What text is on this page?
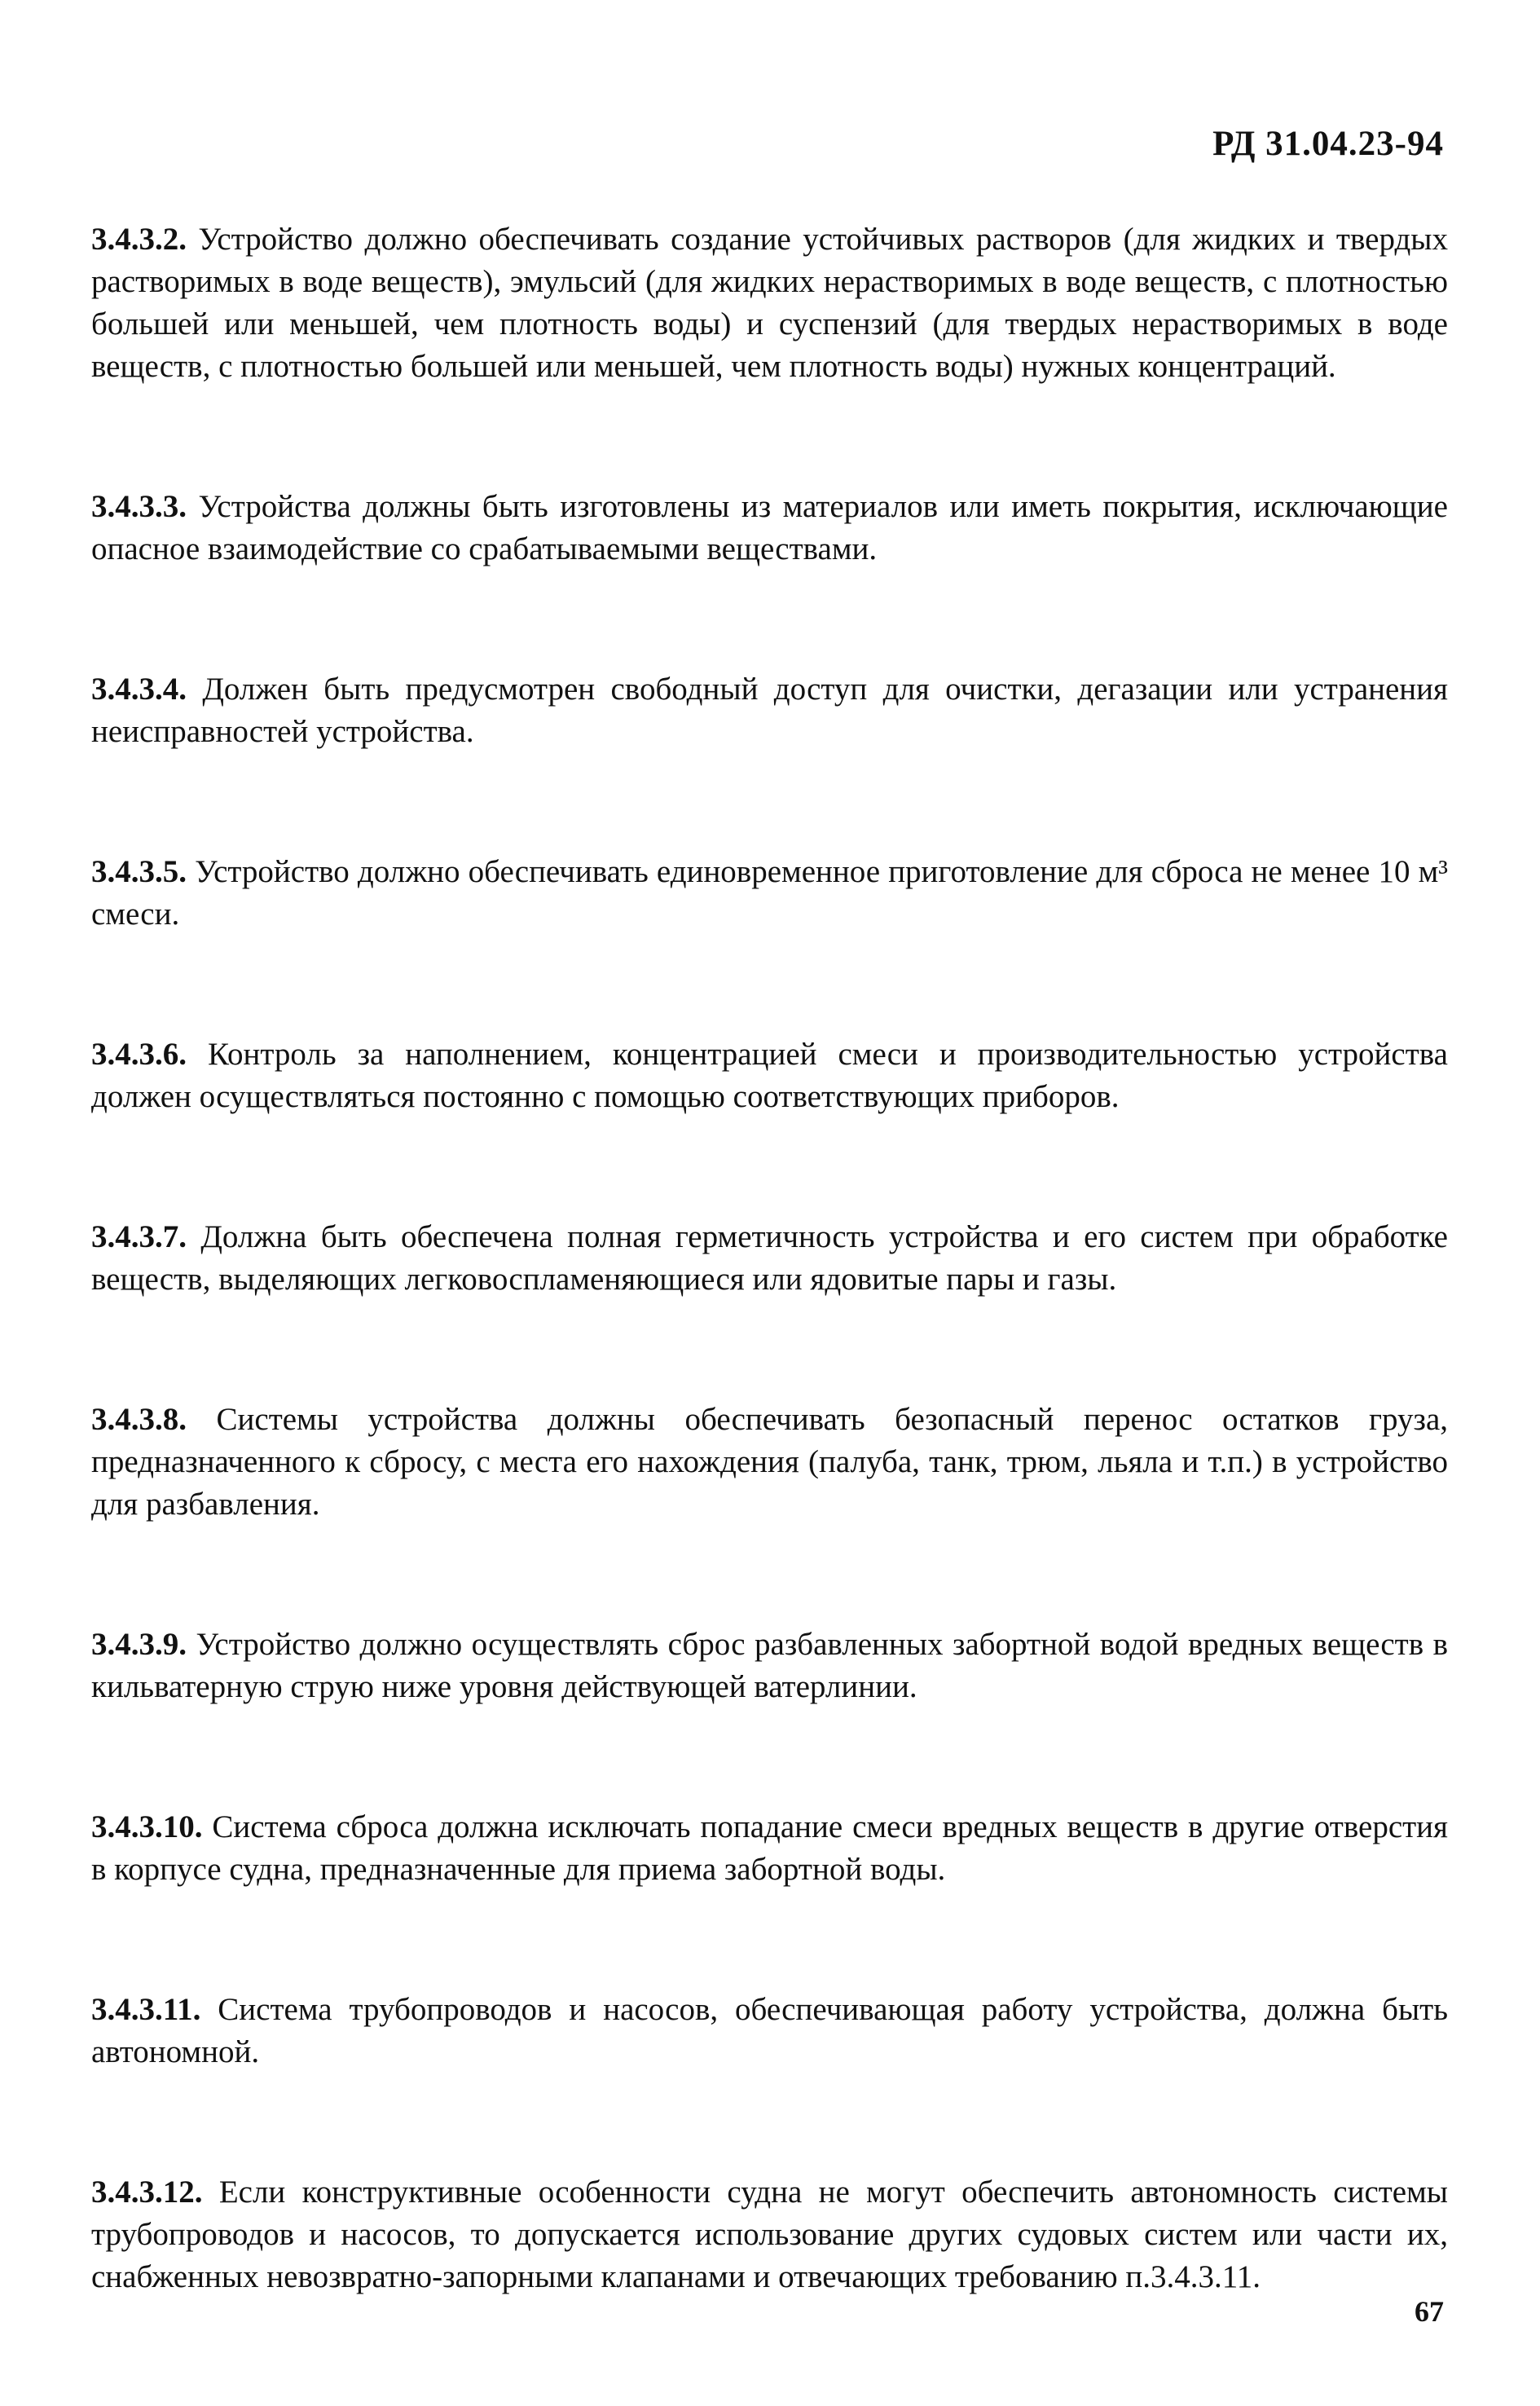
РД 31.04.23-94

3.4.3.2. Устройство должно обеспечивать создание устойчивых растворов (для жидких и твердых растворимых в воде веществ), эмульсий (для жидких нерастворимых в воде веществ, с плотностью большей или меньшей, чем плотность воды) и суспензий (для твердых нерастворимых в воде веществ, с плотностью большей или меньшей, чем плотность воды) нужных концентраций.

3.4.3.3. Устройства должны быть изготовлены из материалов или иметь покрытия, исключающие опасное взаимодействие со срабатываемыми веществами.

3.4.3.4. Должен быть предусмотрен свободный доступ для очистки, дегазации или устранения неисправностей устройства.

3.4.3.5. Устройство должно обеспечивать единовременное приготовление для сброса не менее 10 м³ смеси.

3.4.3.6. Контроль за наполнением, концентрацией смеси и производительностью устройства должен осуществляться постоянно с помощью соответствующих приборов.

3.4.3.7. Должна быть обеспечена полная герметичность устройства и его систем при обработке веществ, выделяющих легковоспламеняющиеся или ядовитые пары и газы.

3.4.3.8. Системы устройства должны обеспечивать безопасный перенос остатков груза, предназначенного к сбросу, с места его нахождения (палуба, танк, трюм, льяла и т.п.) в устройство для разбавления.

3.4.3.9. Устройство должно осуществлять сброс разбавленных забортной водой вредных веществ в кильватерную струю ниже уровня действующей ватерлинии.

3.4.3.10. Система сброса должна исключать попадание смеси вредных веществ в другие отверстия в корпусе судна, предназначенные для приема забортной воды.

3.4.3.11. Система трубопроводов и насосов, обеспечивающая работу устройства, должна быть автономной.

3.4.3.12. Если конструктивные особенности судна не могут обеспечить автономность системы трубопроводов и насосов, то допускается использование других судовых систем или части их, снабженных невозвратно-запорными клапанами и отвечающих требованию п.3.4.3.11.

67
